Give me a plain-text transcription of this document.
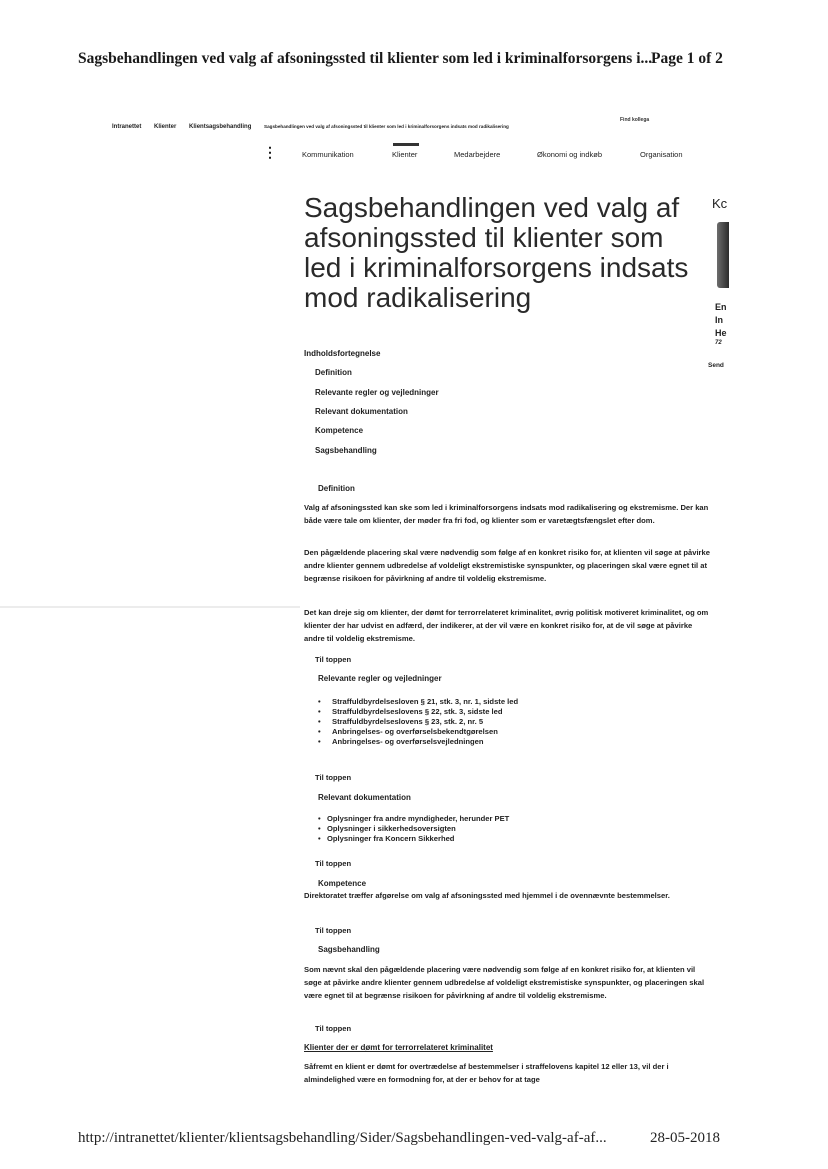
Sagsbehandlingen ved valg af afsoningssted til klienter som led i kriminalforsorgens i...
Page 1 of 2
Intranettet Klienter Klientsagsbehandling	Sagsbehandlingen ved valg af afsoningssted til klienter som led i kriminalforsorgens indsats mod radikalisering
Find kollega
⋮	Kommunikation	Klienter	Medarbejdere	Økonomi og indkøb	Organisation
Sagsbehandlingen ved valg af afsoningssted til klienter som led i kriminalforsorgens indsats mod radikalisering
Kc
En
In
He
72
Send
Indholdsfortegnelse
Definition
Relevante regler og vejledninger
Relevant dokumentation
Kompetence
Sagsbehandling
Definition
Valg af afsoningssted kan ske som led i kriminalforsorgens indsats mod radikalisering og ekstremisme. Der kan både være tale om klienter, der møder fra fri fod, og klienter som er varetægtsfængslet efter dom.
Den pågældende placering skal være nødvendig som følge af en konkret risiko for, at klienten vil søge at påvirke andre klienter gennem udbredelse af voldeligt ekstremistiske synspunkter, og placeringen skal være egnet til at begrænse risikoen for påvirkning af andre til voldelig ekstremisme.
Det kan dreje sig om klienter, der dømt for terrorrelateret kriminalitet, øvrig politisk motiveret kriminalitet, og om klienter der har udvist en adfærd, der indikerer, at der vil være en konkret risiko for, at de vil søge at påvirke andre til voldelig ekstremisme.
Til toppen
Relevante regler og vejledninger
• Straffuldbyrdelsesloven § 21, stk. 3, nr. 1, sidste led
• Straffuldbyrdelseslovens § 22, stk. 3, sidste led
• Straffuldbyrdelseslovens § 23, stk. 2, nr. 5
• Anbringelses- og overførselsbekendtgørelsen
• Anbringelses- og overførselsvejledningen
Til toppen
Relevant dokumentation
• Oplysninger fra andre myndigheder, herunder PET
• Oplysninger i sikkerhedsoversigten
• Oplysninger fra Koncern Sikkerhed
Til toppen
Kompetence
Direktoratet træffer afgørelse om valg af afsoningssted med hjemmel i de ovennævnte bestemmelser.
Til toppen
Sagsbehandling
Som nævnt skal den pågældende placering være nødvendig som følge af en konkret risiko for, at klienten vil søge at påvirke andre klienter gennem udbredelse af voldeligt ekstremistiske synspunkter, og placeringen skal være egnet til at begrænse risikoen for påvirkning af andre til voldelig ekstremisme.
Til toppen
Klienter der er dømt for terrorrelateret kriminalitet
Såfremt en klient er dømt for overtrædelse af bestemmelser i straffelovens kapitel 12 eller 13, vil der i almindelighed være en formodning for, at der er behov for at tage
http://intranettet/klienter/klientsagsbehandling/Sider/Sagsbehandlingen-ved-valg-af-af...	28-05-2018
